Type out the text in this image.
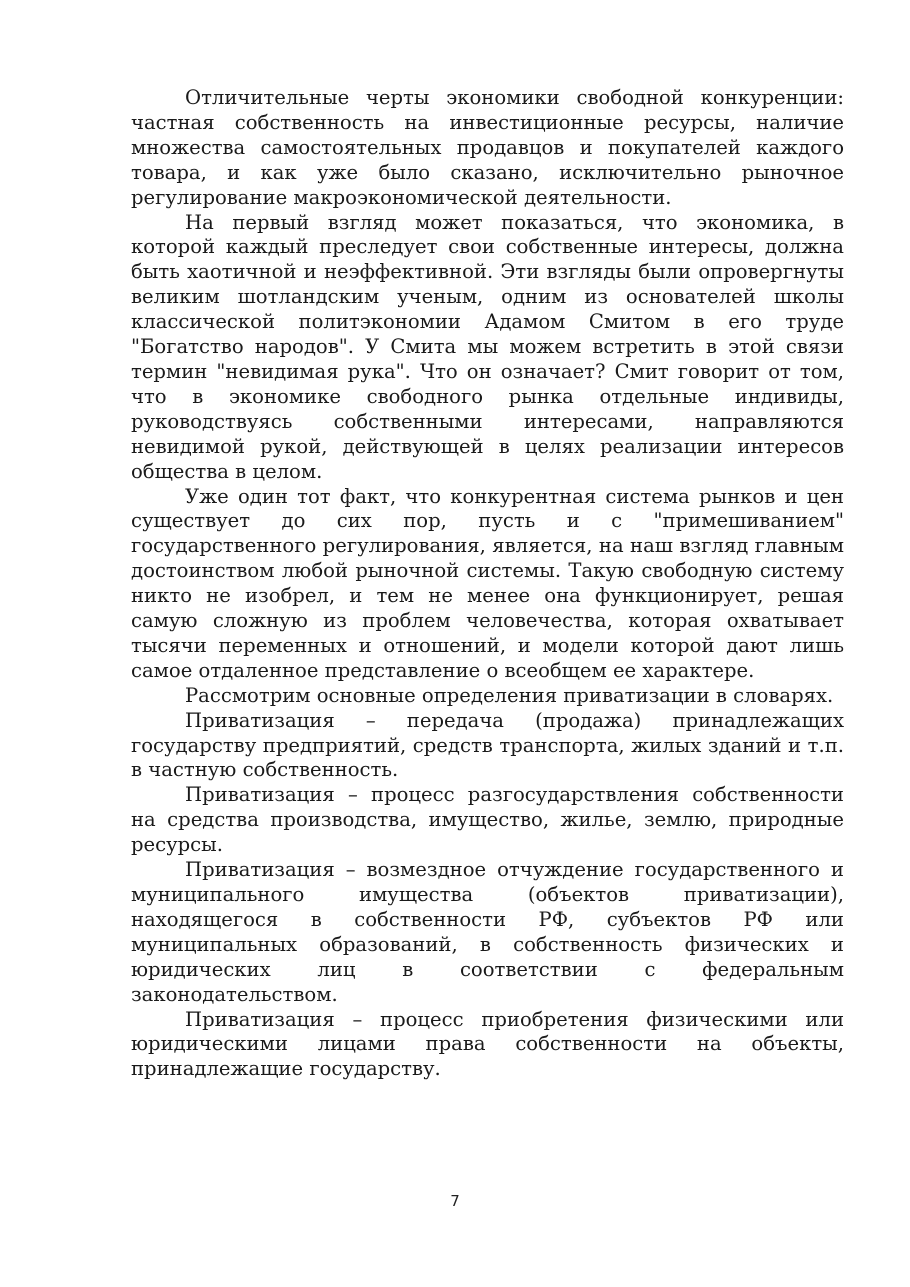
Отличительные черты экономики свободной конкуренции: частная собственность на инвестиционные ресурсы, наличие множества самостоятельных продавцов и покупателей каждого товара, и как уже было сказано, исключительно рыночное регулирование макроэкономической деятельности.

На первый взгляд может показаться, что экономика, в которой каждый преследует свои собственные интересы, должна быть хаотичной и неэффективной. Эти взгляды были опровергнуты великим шотландским ученым, одним из основателей школы классической политэкономии Адамом Смитом в его труде "Богатство народов". У Смита мы можем встретить в этой связи термин "невидимая рука". Что он означает? Смит говорит от том, что в экономике свободного рынка отдельные индивиды, руководствуясь собственными интересами, направляются невидимой рукой, действующей в целях реализации интересов общества в целом.

Уже один тот факт, что конкурентная система рынков и цен существует до сих пор, пусть и с "примешиванием" государственного регулирования, является, на наш взгляд главным достоинством любой рыночной системы. Такую свободную систему никто не изобрел, и тем не менее она функционирует, решая самую сложную из проблем человечества, которая охватывает тысячи переменных и отношений, и модели которой дают лишь самое отдаленное представление о всеобщем ее характере.

Рассмотрим основные определения приватизации в словарях.

Приватизация – передача (продажа) принадлежащих государству предприятий, средств транспорта, жилых зданий и т.п. в частную собственность.

Приватизация – процесс разгосударствления собственности на средства производства, имущество, жилье, землю, природные ресурсы.

Приватизация – возмездное отчуждение государственного и муниципального имущества (объектов приватизации), находящегося в собственности РФ, субъектов РФ или муниципальных образований, в собственность физических и юридических лиц в соответствии с федеральным законодательством.

Приватизация – процесс приобретения физическими или юридическими лицами права собственности на объекты, принадлежащие государству.

7
